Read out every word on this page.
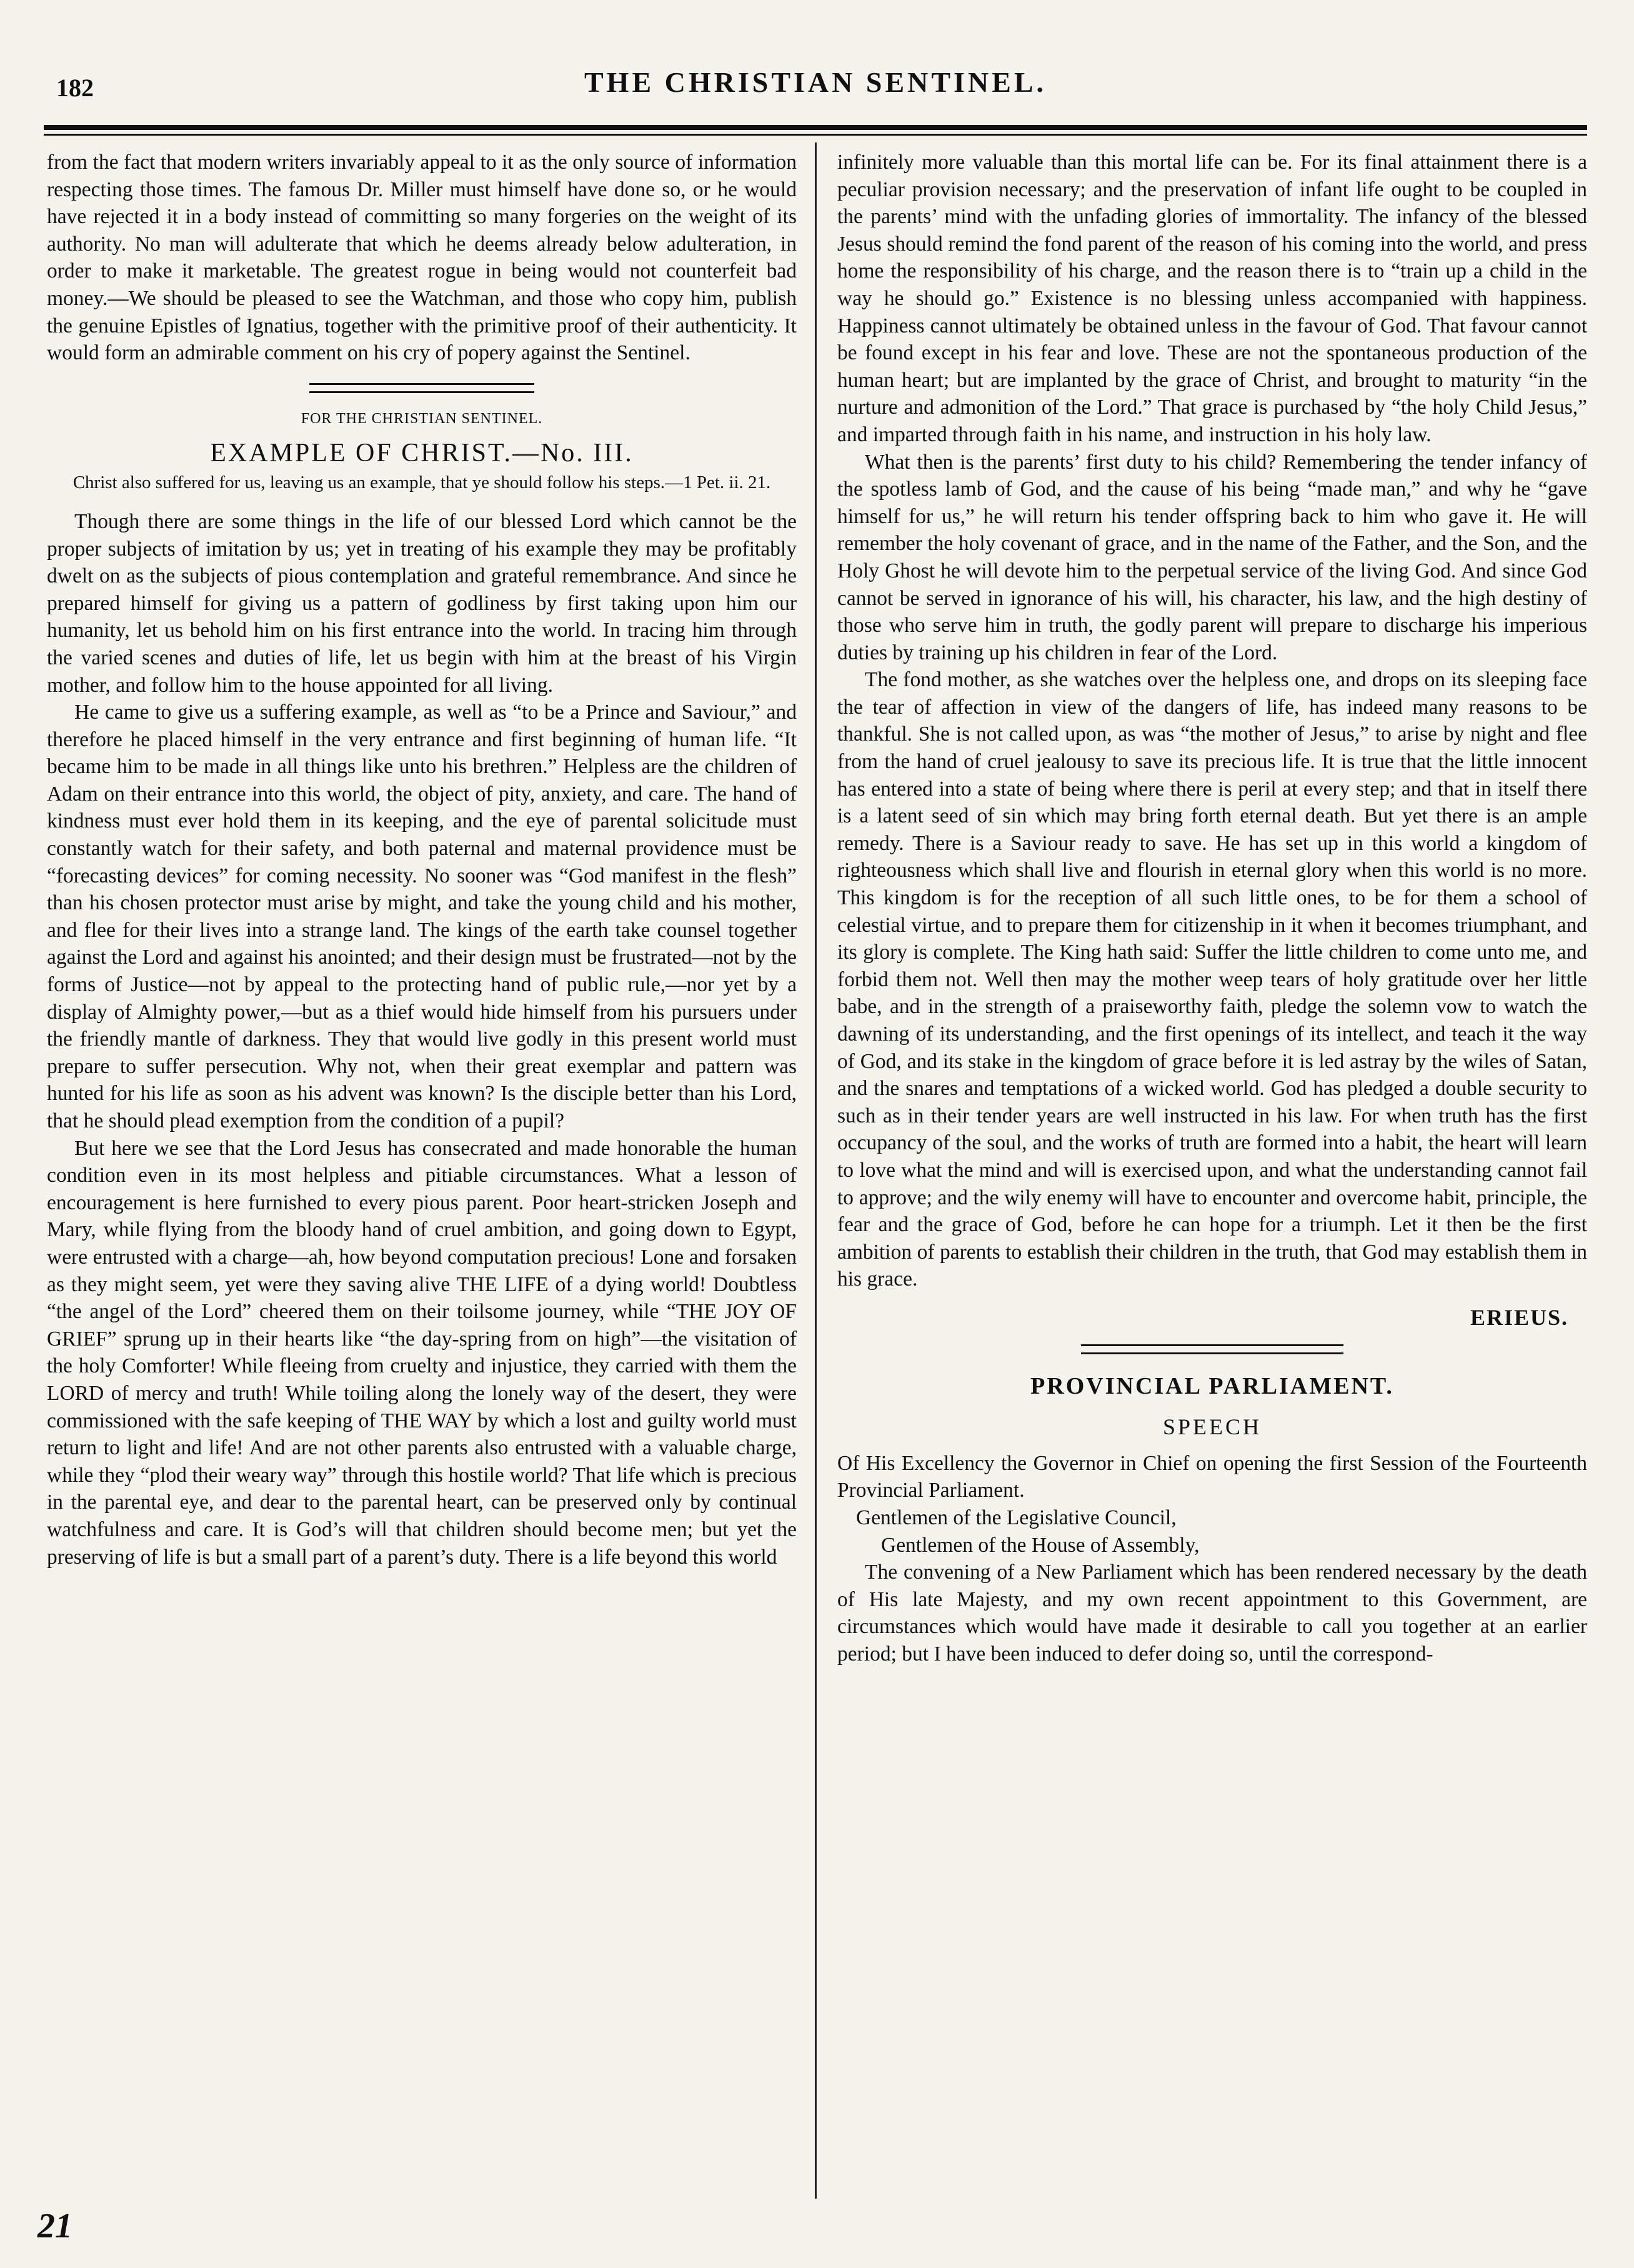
182	THE CHRISTIAN SENTINEL.

from the fact that modern writers invariably appeal to it as the only source of information respecting those times. The famous Dr. Miller must himself have done so, or he would have rejected it in a body instead of committing so many forgeries on the weight of its authority. No man will adulterate that which he deems already below adulteration, in order to make it marketable. The greatest rogue in being would not counterfeit bad money.—We should be pleased to see the Watchman, and those who copy him, publish the genuine Epistles of Ignatius, together with the primitive proof of their authenticity. It would form an admirable comment on his cry of popery against the Sentinel.

FOR THE CHRISTIAN SENTINEL.
EXAMPLE OF CHRIST.—No. III.
Christ also suffered for us, leaving us an example, that ye should follow his steps.—1 Pet. ii. 21.

Though there are some things in the life of our blessed Lord which cannot be the proper subjects of imitation by us; yet in treating of his example they may be profitably dwelt on as the subjects of pious contemplation and grateful remembrance. And since he prepared himself for giving us a pattern of godliness by first taking upon him our humanity, let us behold him on his first entrance into the world. In tracing him through the varied scenes and duties of life, let us begin with him at the breast of his Virgin mother, and follow him to the house appointed for all living.

He came to give us a suffering example, as well as “to be a Prince and Saviour,” and therefore he placed himself in the very entrance and first beginning of human life. “It became him to be made in all things like unto his brethren.” Helpless are the children of Adam on their entrance into this world, the object of pity, anxiety, and care. The hand of kindness must ever hold them in its keeping, and the eye of parental solicitude must constantly watch for their safety, and both paternal and maternal providence must be “forecasting devices” for coming necessity. No sooner was “God manifest in the flesh” than his chosen protector must arise by might, and take the young child and his mother, and flee for their lives into a strange land. The kings of the earth take counsel together against the Lord and against his anointed; and their design must be frustrated—not by the forms of Justice—not by appeal to the protecting hand of public rule,—nor yet by a display of Almighty power,—but as a thief would hide himself from his pursuers under the friendly mantle of darkness. They that would live godly in this present world must prepare to suffer persecution. Why not, when their great exemplar and pattern was hunted for his life as soon as his advent was known? Is the disciple better than his Lord, that he should plead exemption from the condition of a pupil?

But here we see that the Lord Jesus has consecrated and made honorable the human condition even in its most helpless and pitiable circumstances. What a lesson of encouragement is here furnished to every pious parent. Poor heart-stricken Joseph and Mary, while flying from the bloody hand of cruel ambition, and going down to Egypt, were entrusted with a charge—ah, how beyond computation precious! Lone and forsaken as they might seem, yet were they saving alive THE LIFE of a dying world! Doubtless “the angel of the Lord” cheered them on their toilsome journey, while “THE JOY OF GRIEF” sprung up in their hearts like “the day-spring from on high”—the visitation of the holy Comforter! While fleeing from cruelty and injustice, they carried with them the LORD of mercy and truth! While toiling along the lonely way of the desert, they were commissioned with the safe keeping of THE WAY by which a lost and guilty world must return to light and life! And are not other parents also entrusted with a valuable charge, while they “plod their weary way” through this hostile world? That life which is precious in the parental eye, and dear to the parental heart, can be preserved only by continual watchfulness and care. It is God’s will that children should become men; but yet the preserving of life is but a small part of a parent’s duty. There is a life beyond this world

infinitely more valuable than this mortal life can be. For its final attainment there is a peculiar provision necessary; and the preservation of infant life ought to be coupled in the parents’ mind with the unfading glories of immortality. The infancy of the blessed Jesus should remind the fond parent of the reason of his coming into the world, and press home the responsibility of his charge, and the reason there is to “train up a child in the way he should go.” Existence is no blessing unless accompanied with happiness. Happiness cannot ultimately be obtained unless in the favour of God. That favour cannot be found except in his fear and love. These are not the spontaneous production of the human heart; but are implanted by the grace of Christ, and brought to maturity “in the nurture and admonition of the Lord.” That grace is purchased by “the holy Child Jesus,” and imparted through faith in his name, and instruction in his holy law.

What then is the parents’ first duty to his child? Remembering the tender infancy of the spotless lamb of God, and the cause of his being “made man,” and why he “gave himself for us,” he will return his tender offspring back to him who gave it. He will remember the holy covenant of grace, and in the name of the Father, and the Son, and the Holy Ghost he will devote him to the perpetual service of the living God. And since God cannot be served in ignorance of his will, his character, his law, and the high destiny of those who serve him in truth, the godly parent will prepare to discharge his imperious duties by training up his children in fear of the Lord.

The fond mother, as she watches over the helpless one, and drops on its sleeping face the tear of affection in view of the dangers of life, has indeed many reasons to be thankful. She is not called upon, as was “the mother of Jesus,” to arise by night and flee from the hand of cruel jealousy to save its precious life. It is true that the little innocent has entered into a state of being where there is peril at every step; and that in itself there is a latent seed of sin which may bring forth eternal death. But yet there is an ample remedy. There is a Saviour ready to save. He has set up in this world a kingdom of righteousness which shall live and flourish in eternal glory when this world is no more. This kingdom is for the reception of all such little ones, to be for them a school of celestial virtue, and to prepare them for citizenship in it when it becomes triumphant, and its glory is complete. The King hath said: Suffer the little children to come unto me, and forbid them not. Well then may the mother weep tears of holy gratitude over her little babe, and in the strength of a praiseworthy faith, pledge the solemn vow to watch the dawning of its understanding, and the first openings of its intellect, and teach it the way of God, and its stake in the kingdom of grace before it is led astray by the wiles of Satan, and the snares and temptations of a wicked world. God has pledged a double security to such as in their tender years are well instructed in his law. For when truth has the first occupancy of the soul, and the works of truth are formed into a habit, the heart will learn to love what the mind and will is exercised upon, and what the understanding cannot fail to approve; and the wily enemy will have to encounter and overcome habit, principle, the fear and the grace of God, before he can hope for a triumph. Let it then be the first ambition of parents to establish their children in the truth, that God may establish them in his grace.

ERIEUS.
PROVINCIAL PARLIAMENT.
SPEECH

Of His Excellency the Governor in Chief on opening the first Session of the Fourteenth Provincial Parliament.

Gentlemen of the Legislative Council,

Gentlemen of the House of Assembly,

The convening of a New Parliament which has been rendered necessary by the death of His late Majesty, and my own recent appointment to this Government, are circumstances which would have made it desirable to call you together at an earlier period; but I have been induced to defer doing so, until the correspond-

21
